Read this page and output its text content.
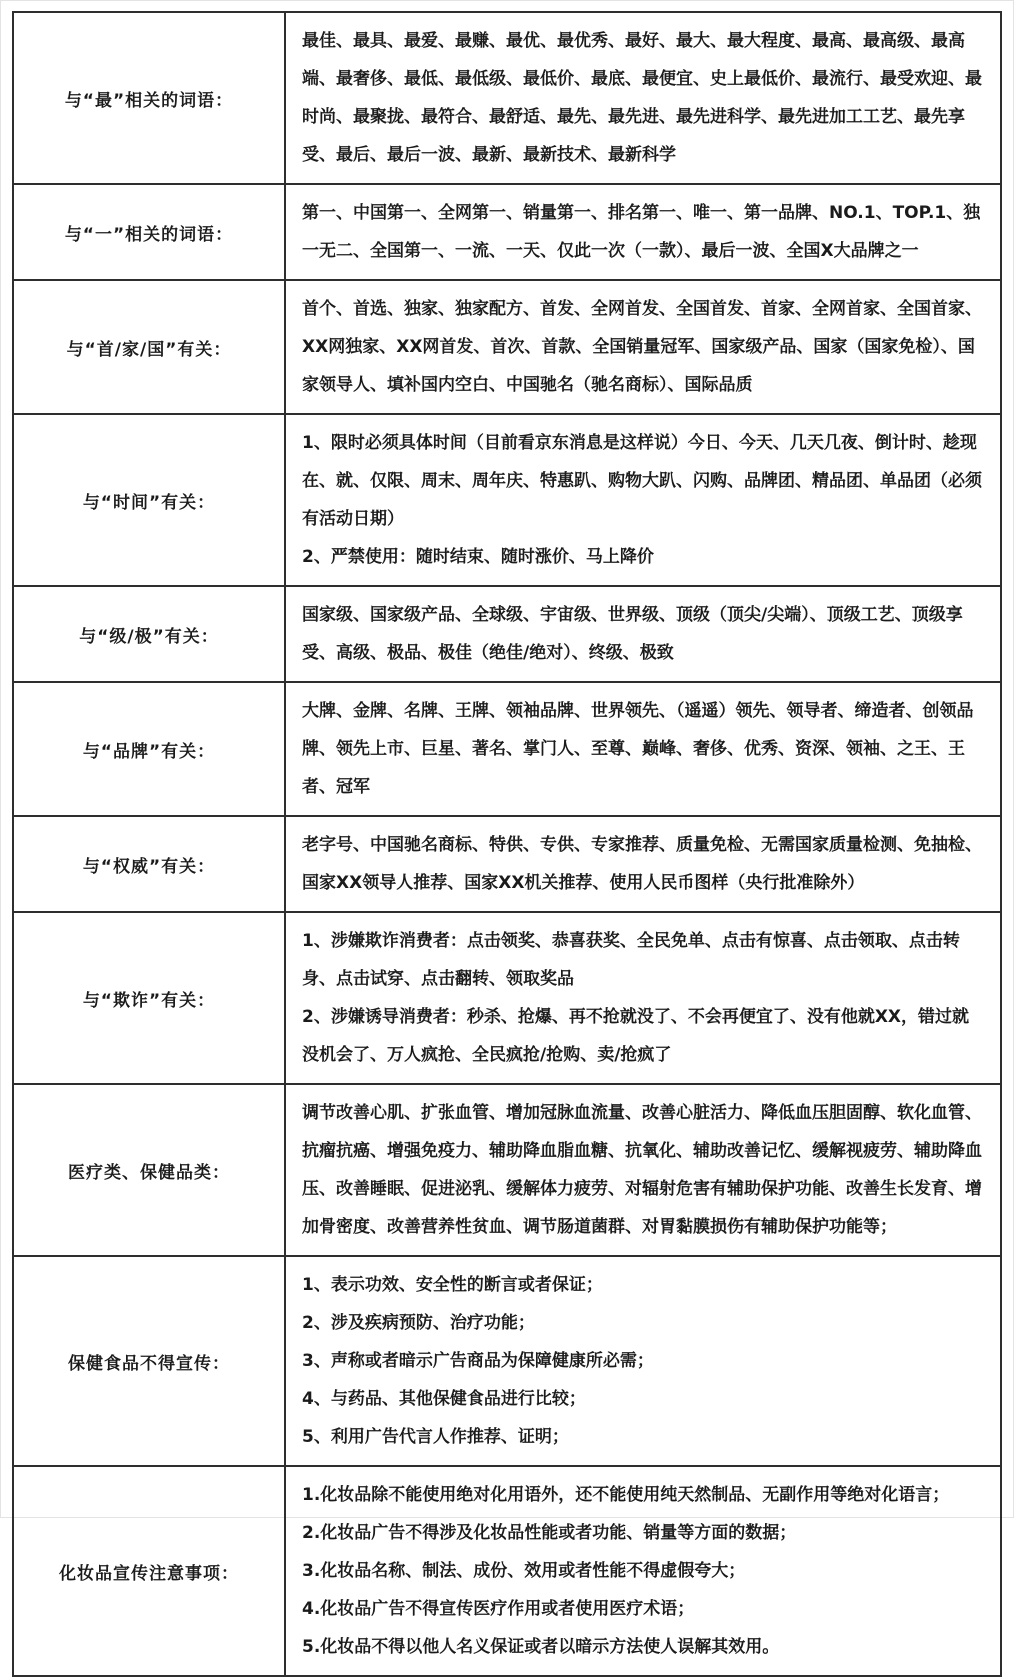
与“最”相关的词语：	最佳、最具、最爱、最赚、最优、最优秀、最好、最大、最大程度、最高、最高级、最高端、最奢侈、最低、最低级、最低价、最底、最便宜、史上最低价、最流行、最受欢迎、最时尚、最聚拢、最符合、最舒适、最先、最先进、最先进科学、最先进加工工艺、最先享受、最后、最后一波、最新、最新技术、最新科学

与“一”相关的词语：	第一、中国第一、全网第一、销量第一、排名第一、唯一、第一品牌、NO.1、TOP.1、独一无二、全国第一、一流、一天、仅此一次（一款）、最后一波、全国X大品牌之一

与“首/家/国”有关：	首个、首选、独家、独家配方、首发、全网首发、全国首发、首家、全网首家、全国首家、XX网独家、XX网首发、首次、首款、全国销量冠军、国家级产品、国家（国家免检）、国家领导人、填补国内空白、中国驰名（驰名商标）、国际品质

与“时间”有关：	1、限时必须具体时间（目前看京东消息是这样说）今日、今天、几天几夜、倒计时、趁现在、就、仅限、周末、周年庆、特惠趴、购物大趴、闪购、品牌团、精品团、单品团（必须有活动日期）
2、严禁使用：随时结束、随时涨价、马上降价

与“级/极”有关：	国家级、国家级产品、全球级、宇宙级、世界级、顶级（顶尖/尖端）、顶级工艺、顶级享受、高级、极品、极佳（绝佳/绝对）、终级、极致

与“品牌”有关：	大牌、金牌、名牌、王牌、领袖品牌、世界领先、（遥遥）领先、领导者、缔造者、创领品牌、领先上市、巨星、著名、掌门人、至尊、巅峰、奢侈、优秀、资深、领袖、之王、王者、冠军

与“权威”有关：	老字号、中国驰名商标、特供、专供、专家推荐、质量免检、无需国家质量检测、免抽检、国家XX领导人推荐、国家XX机关推荐、使用人民币图样（央行批准除外）

与“欺诈”有关：	1、涉嫌欺诈消费者：点击领奖、恭喜获奖、全民免单、点击有惊喜、点击领取、点击转身、点击试穿、点击翻转、领取奖品
2、涉嫌诱导消费者：秒杀、抢爆、再不抢就没了、不会再便宜了、没有他就XX，错过就没机会了、万人疯抢、全民疯抢/抢购、卖/抢疯了

医疗类、保健品类：	调节改善心肌、扩张血管、增加冠脉血流量、改善心脏活力、降低血压胆固醇、软化血管、抗瘤抗癌、增强免疫力、辅助降血脂血糖、抗氧化、辅助改善记忆、缓解视疲劳、辅助降血压、改善睡眠、促进泌乳、缓解体力疲劳、对辐射危害有辅助保护功能、改善生长发育、增加骨密度、改善营养性贫血、调节肠道菌群、对胃黏膜损伤有辅助保护功能等；

保健食品不得宣传：	1、表示功效、安全性的断言或者保证；
2、涉及疾病预防、治疗功能；
3、声称或者暗示广告商品为保障健康所必需；
4、与药品、其他保健食品进行比较；
5、利用广告代言人作推荐、证明；

化妆品宣传注意事项：	1.化妆品除不能使用绝对化用语外，还不能使用纯天然制品、无副作用等绝对化语言；
2.化妆品广告不得涉及化妆品性能或者功能、销量等方面的数据；
3.化妆品名称、制法、成份、效用或者性能不得虚假夸大；
4.化妆品广告不得宣传医疗作用或者使用医疗术语；
5.化妆品不得以他人名义保证或者以暗示方法使人误解其效用。
